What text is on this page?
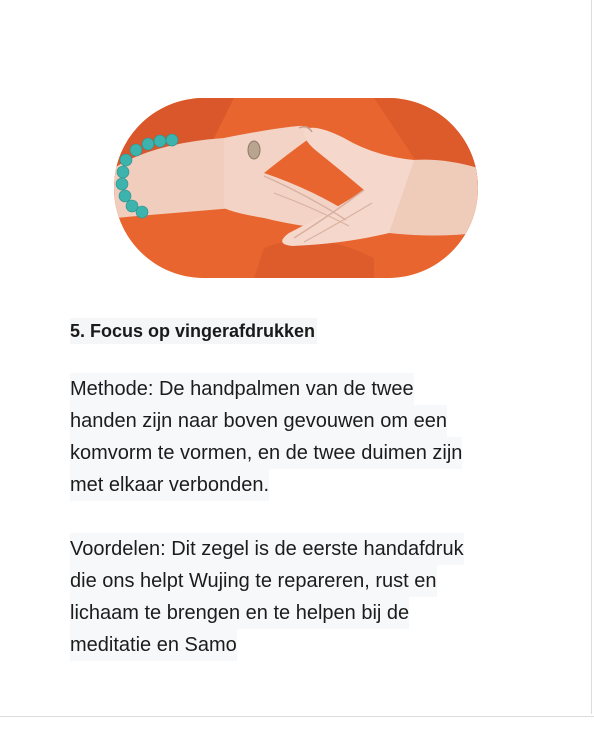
5. Focus op vingerafdrukken

Methode: De handpalmen van de twee
handen zijn naar boven gevouwen om een
komvorm te vormen, en de twee duimen zijn
met elkaar verbonden.

Voordelen: Dit zegel is de eerste handafdruk
die ons helpt Wujing te repareren, rust en
lichaam te brengen en te helpen bij de
meditatie en Samo
